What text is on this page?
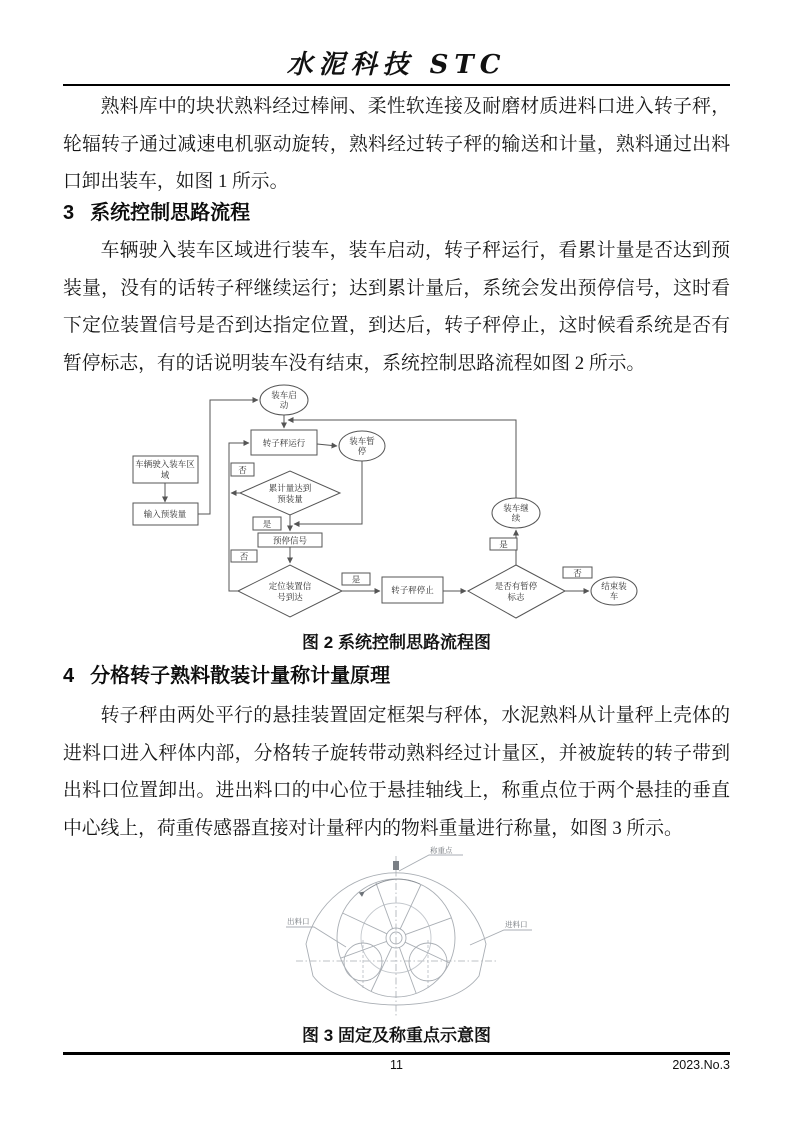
水泥科技 STC

熟料库中的块状熟料经过棒闸、柔性软连接及耐磨材质进料口进入转子秤，轮辐转子通过减速电机驱动旋转，熟料经过转子秤的输送和计量，熟料通过出料口卸出装车，如图 1 所示。

3 系统控制思路流程

车辆驶入装车区域进行装车，装车启动，转子秤运行，看累计量是否达到预装量，没有的话转子秤继续运行；达到累计量后，系统会发出预停信号，这时看下定位装置信号是否到达指定位置，到达后，转子秤停止，这时候看系统是否有暂停标志，有的话说明装车没有结束，系统控制思路流程如图 2 所示。

车辆驶入装车区域
输入预装量
装车启动
转子秤运行	装车暂停
累计量达到预装量
否
是
预停信号
否
定位装置信号到达
是
转子秤停止	是否有暂停标志
是
装车继续
否
结束装车
图 2 系统控制思路流程图
4 分格转子熟料散装计量称计量原理

转子秤由两处平行的悬挂装置固定框架与秤体，水泥熟料从计量秤上壳体的进料口进入秤体内部，分格转子旋转带动熟料经过计量区，并被旋转的转子带到出料口位置卸出。进出料口的中心位于悬挂轴线上，称重点位于两个悬挂的垂直中心线上，荷重传感器直接对计量秤内的物料重量进行称量，如图 3 所示。

称重点
出料口	进料口
图 3 固定及称重点示意图
11	2023.No.3
